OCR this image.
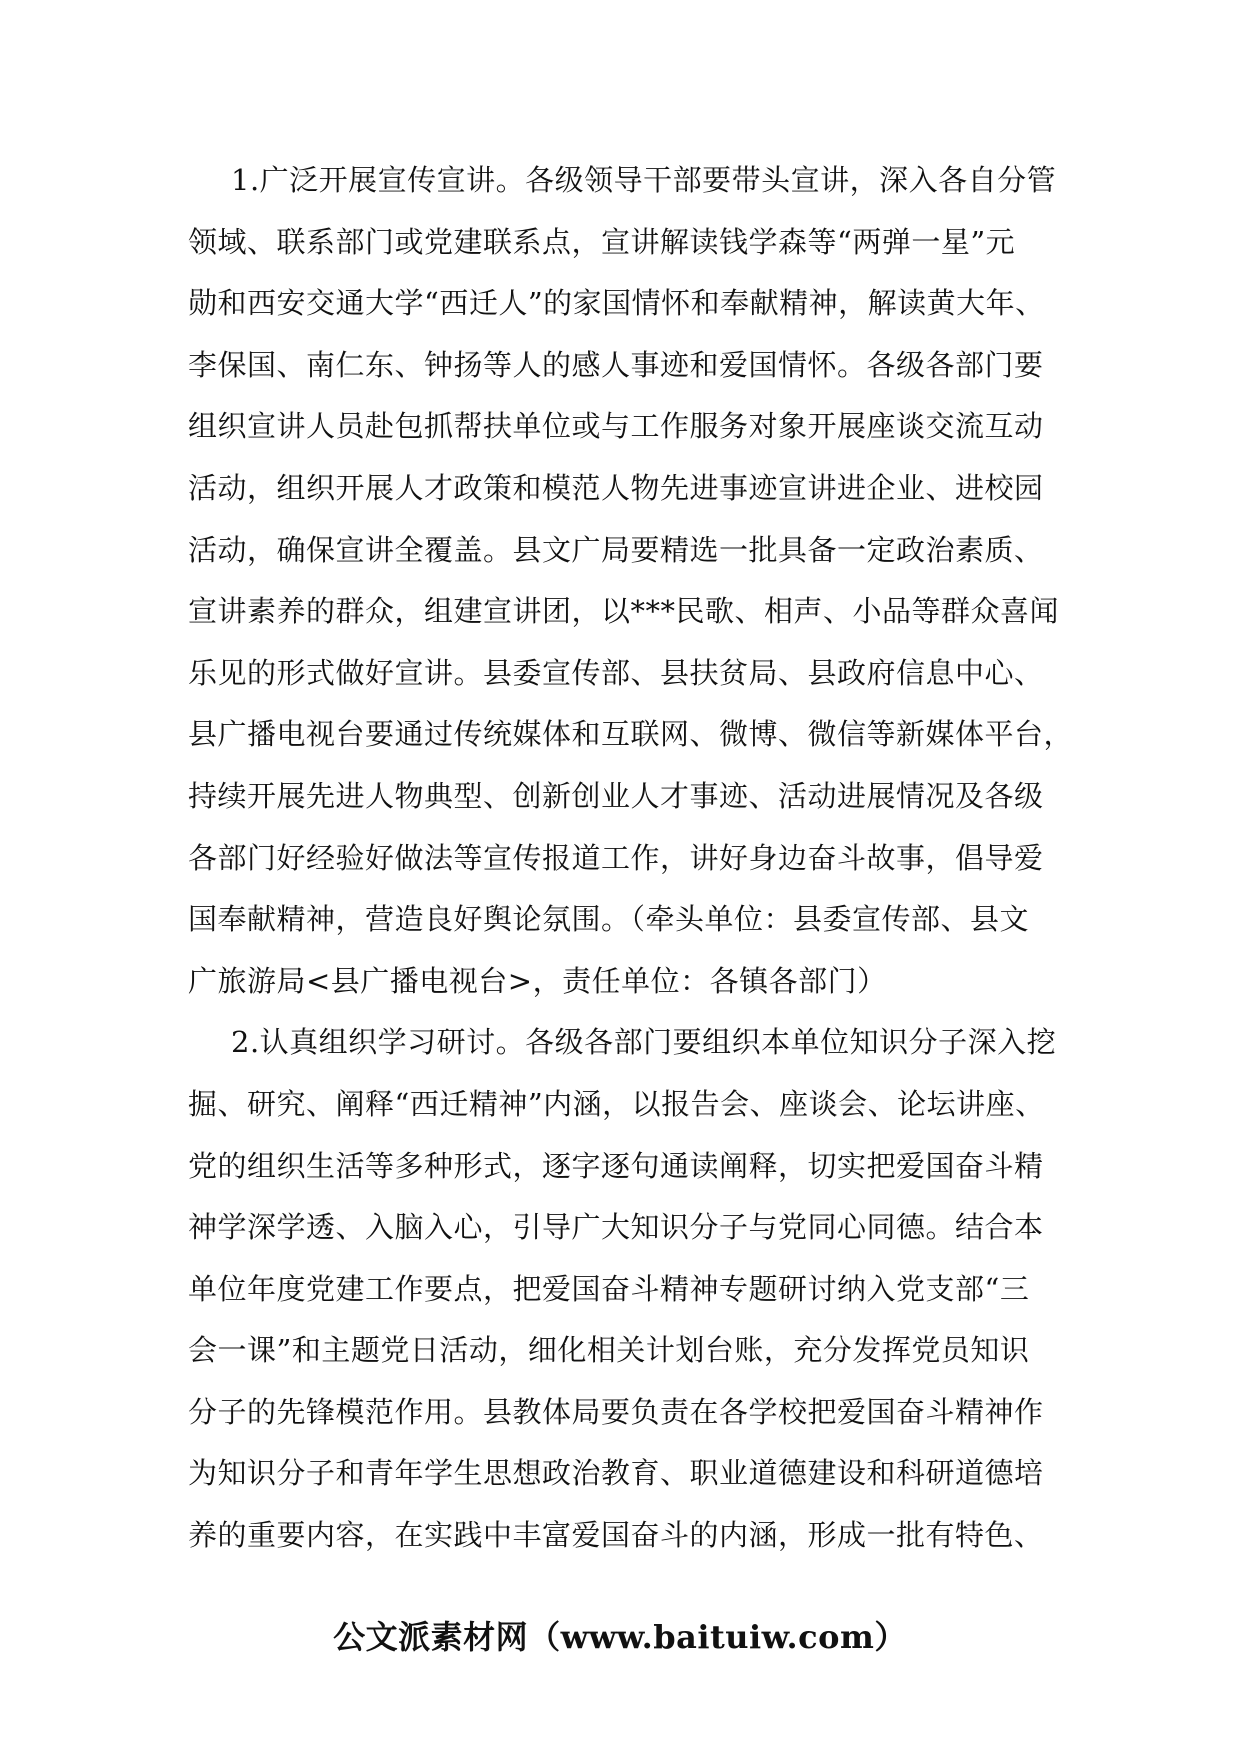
1.广泛开展宣传宣讲。各级领导干部要带头宣讲，深入各自分管
领域、联系部门或党建联系点，宣讲解读钱学森等“两弹一星”元
勋和西安交通大学“西迁人”的家国情怀和奉献精神，解读黄大年、
李保国、南仁东、钟扬等人的感人事迹和爱国情怀。各级各部门要
组织宣讲人员赴包抓帮扶单位或与工作服务对象开展座谈交流互动
活动，组织开展人才政策和模范人物先进事迹宣讲进企业、进校园
活动，确保宣讲全覆盖。县文广局要精选一批具备一定政治素质、
宣讲素养的群众，组建宣讲团，以***民歌、相声、小品等群众喜闻
乐见的形式做好宣讲。县委宣传部、县扶贫局、县政府信息中心、
县广播电视台要通过传统媒体和互联网、微博、微信等新媒体平台，
持续开展先进人物典型、创新创业人才事迹、活动进展情况及各级
各部门好经验好做法等宣传报道工作，讲好身边奋斗故事，倡导爱
国奉献精神，营造良好舆论氛围。（牵头单位：县委宣传部、县文
广旅游局<县广播电视台>，责任单位：各镇各部门）

2.认真组织学习研讨。各级各部门要组织本单位知识分子深入挖
掘、研究、阐释“西迁精神”内涵，以报告会、座谈会、论坛讲座、
党的组织生活等多种形式，逐字逐句通读阐释，切实把爱国奋斗精
神学深学透、入脑入心，引导广大知识分子与党同心同德。结合本
单位年度党建工作要点，把爱国奋斗精神专题研讨纳入党支部“三
会一课”和主题党日活动，细化相关计划台账，充分发挥党员知识
分子的先锋模范作用。县教体局要负责在各学校把爱国奋斗精神作
为知识分子和青年学生思想政治教育、职业道德建设和科研道德培
养的重要内容，在实践中丰富爱国奋斗的内涵，形成一批有特色、

公文派素材网（www.baituiw.com）
